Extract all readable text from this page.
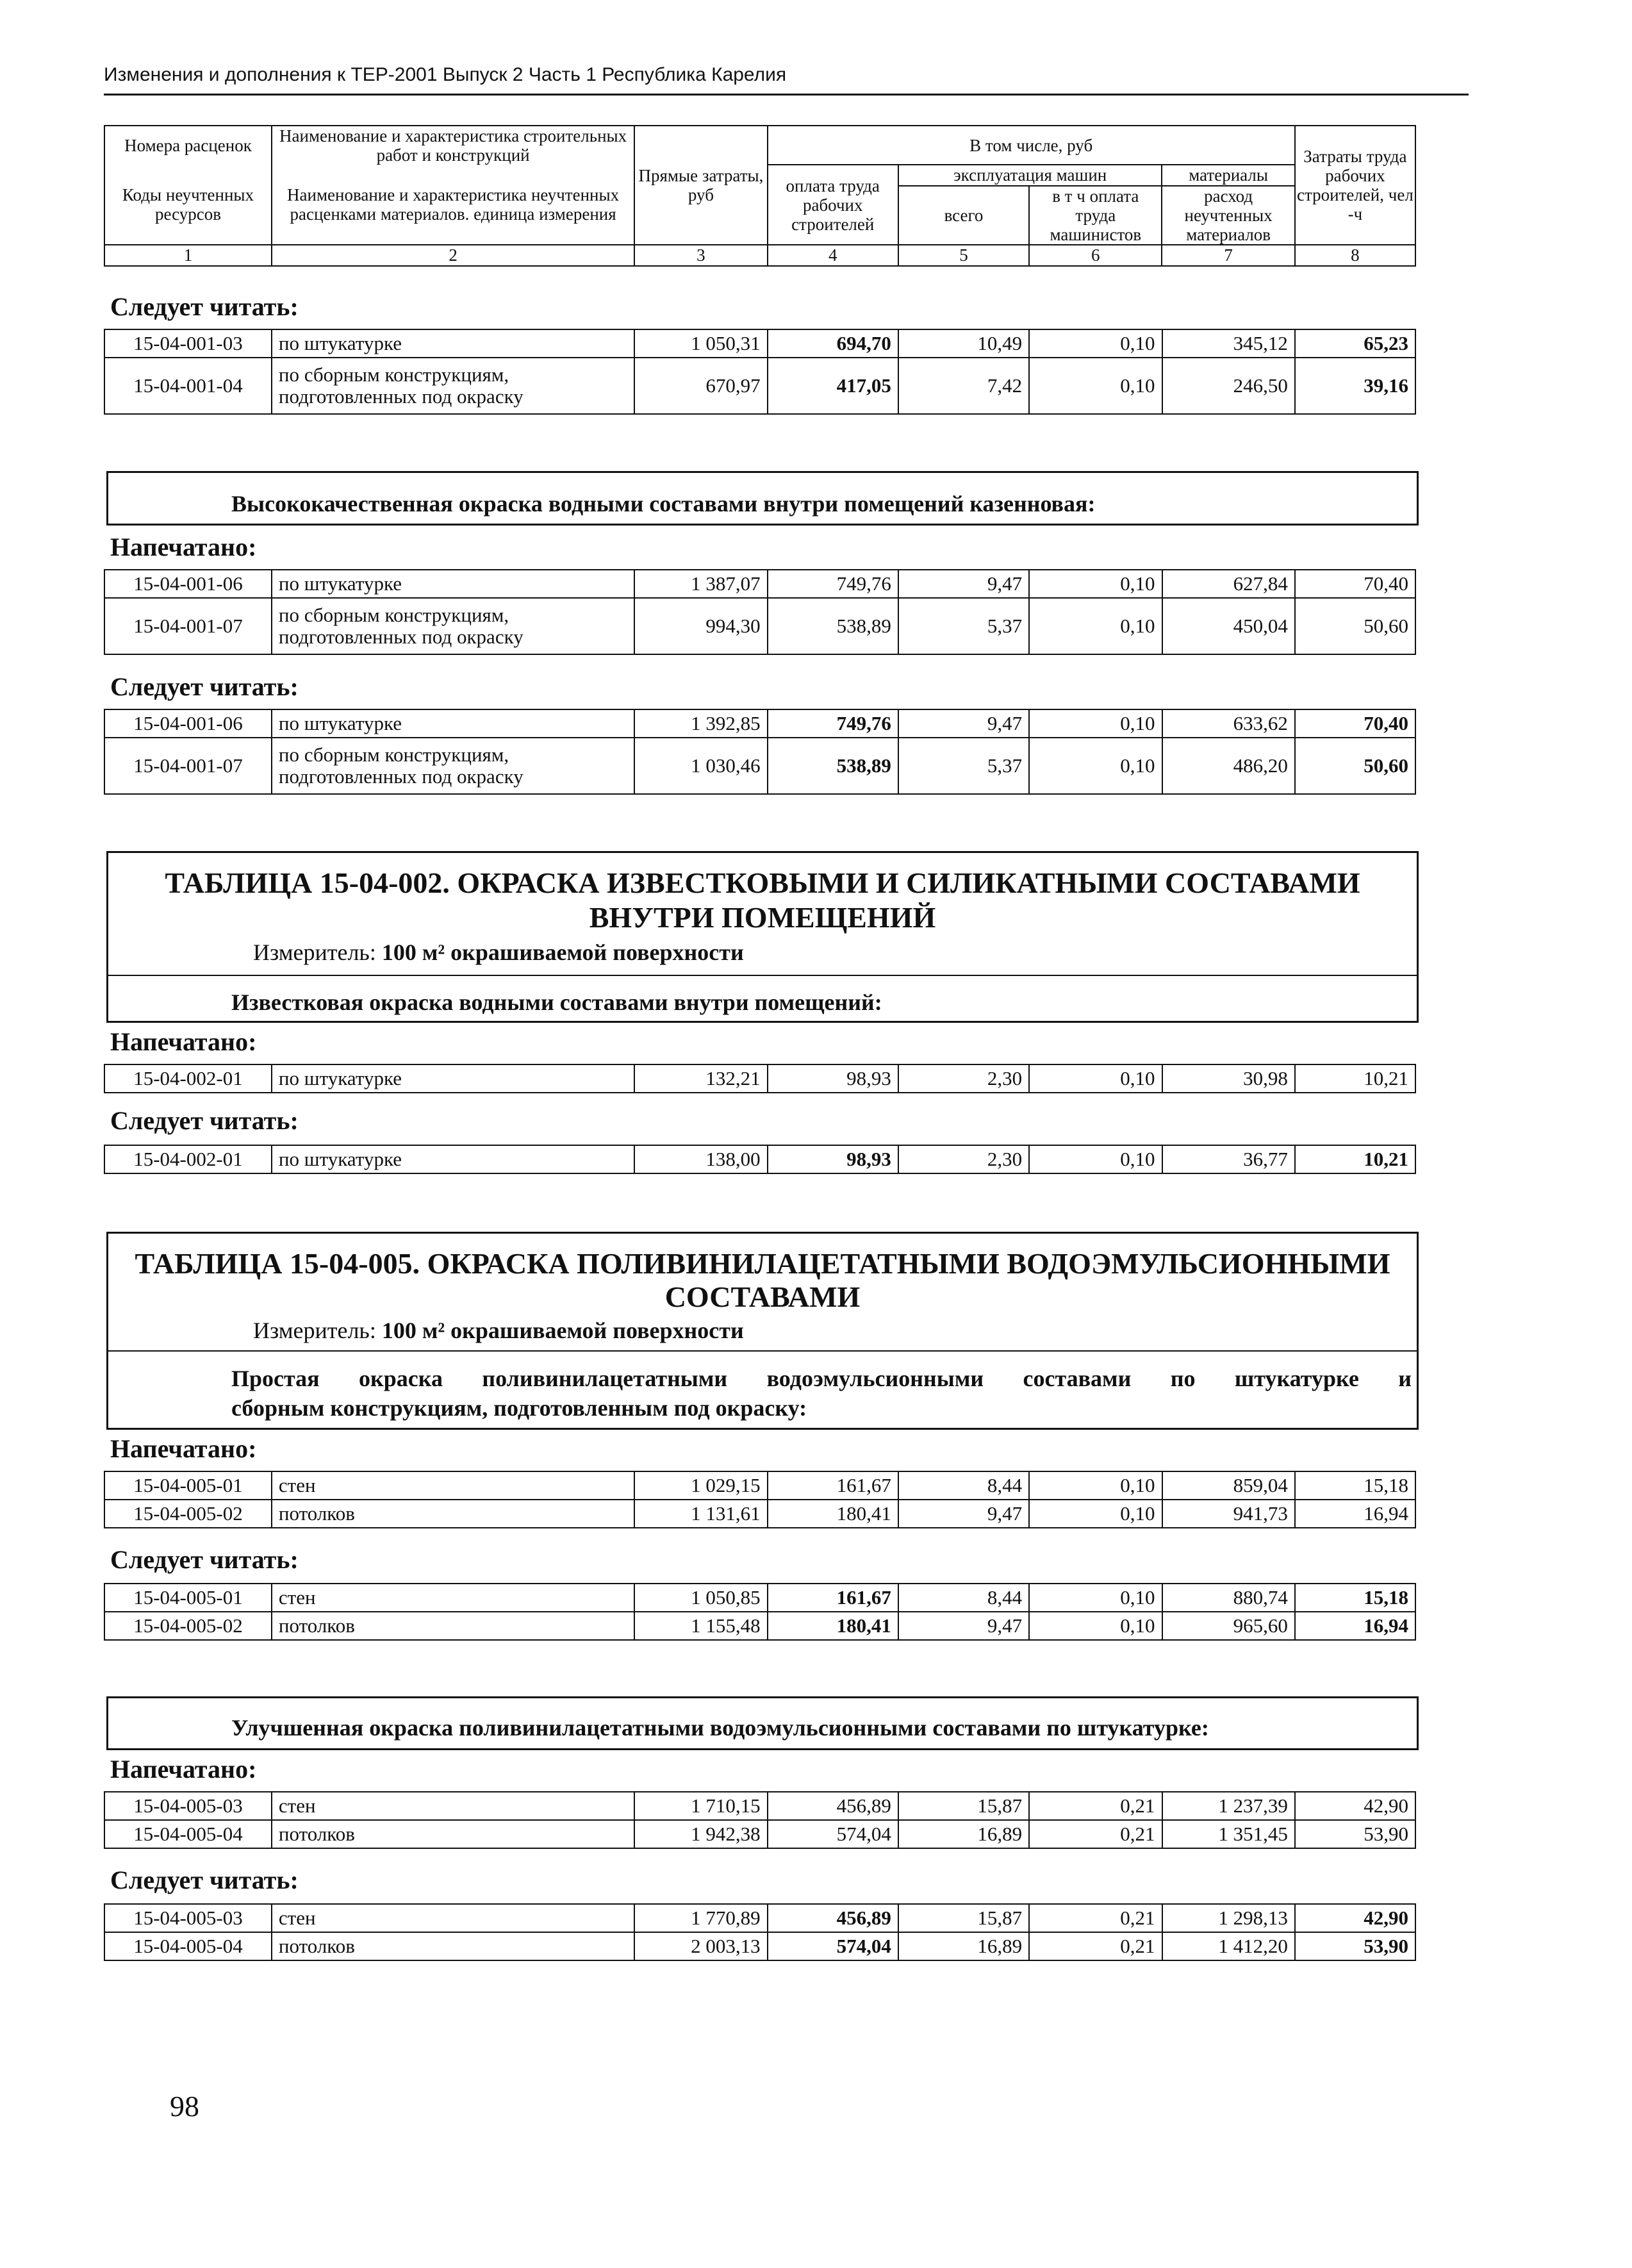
Изменения и дополнения к ТЕР-2001 Выпуск 2 Часть 1 Республика Карелия
Номера расценок	Наименование и характеристика строительных работ и конструкций	Прямые затраты, руб	В том числе, руб				Затраты труда рабочих строителей, чел -ч
Коды неучтенных ресурсов	Наименование и характеристика неучтенных расценками материалов. единица измерения		оплата труда рабочих строителей	эксплуатация машин		материалы	
				всего	в т ч оплата труда машинистов	расход неучтенных материалов	

1	2	3	4	5	6	7	8
Следует читать:
15-04-001-03	по штукатурке	1 050,31	694,70	10,49	0,10	345,12	65,23
15-04-001-04	по сборным конструкциям, подготовленных под окраску	670,97	417,05	7,42	0,10	246,50	39,16
Высококачественная окраска водными составами внутри помещений казенновая:
Напечатано:
15-04-001-06	по штукатурке	1 387,07	749,76	9,47	0,10	627,84	70,40
15-04-001-07	по сборным конструкциям, подготовленных под окраску	994,30	538,89	5,37	0,10	450,04	50,60
Следует читать:
15-04-001-06	по штукатурке	1 392,85	749,76	9,47	0,10	633,62	70,40
15-04-001-07	по сборным конструкциям, подготовленных под окраску	1 030,46	538,89	5,37	0,10	486,20	50,60
ТАБЛИЦА 15-04-002. ОКРАСКА ИЗВЕСТКОВЫМИ И СИЛИКАТНЫМИ СОСТАВАМИ
ВНУТРИ ПОМЕЩЕНИЙ
Измеритель: 100 м² окрашиваемой поверхности
Известковая окраска водными составами внутри помещений:
Напечатано:
15-04-002-01	по штукатурке	132,21	98,93	2,30	0,10	30,98	10,21
Следует читать:
15-04-002-01	по штукатурке	138,00	98,93	2,30	0,10	36,77	10,21
ТАБЛИЦА 15-04-005. ОКРАСКА ПОЛИВИНИЛАЦЕТАТНЫМИ ВОДОЭМУЛЬСИОННЫМИ
СОСТАВАМИ
Измеритель: 100 м² окрашиваемой поверхности
Простая окраска поливинилацетатными водоэмульсионными составами по штукатурке и
сборным конструкциям, подготовленным под окраску:
Напечатано:
15-04-005-01	стен	1 029,15	161,67	8,44	0,10	859,04	15,18
15-04-005-02	потолков	1 131,61	180,41	9,47	0,10	941,73	16,94
Следует читать:
15-04-005-01	стен	1 050,85	161,67	8,44	0,10	880,74	15,18
15-04-005-02	потолков	1 155,48	180,41	9,47	0,10	965,60	16,94
Улучшенная окраска поливинилацетатными водоэмульсионными составами по штукатурке:
Напечатано:
15-04-005-03	стен	1 710,15	456,89	15,87	0,21	1 237,39	42,90
15-04-005-04	потолков	1 942,38	574,04	16,89	0,21	1 351,45	53,90
Следует читать:
15-04-005-03	стен	1 770,89	456,89	15,87	0,21	1 298,13	42,90
15-04-005-04	потолков	2 003,13	574,04	16,89	0,21	1 412,20	53,90
98
